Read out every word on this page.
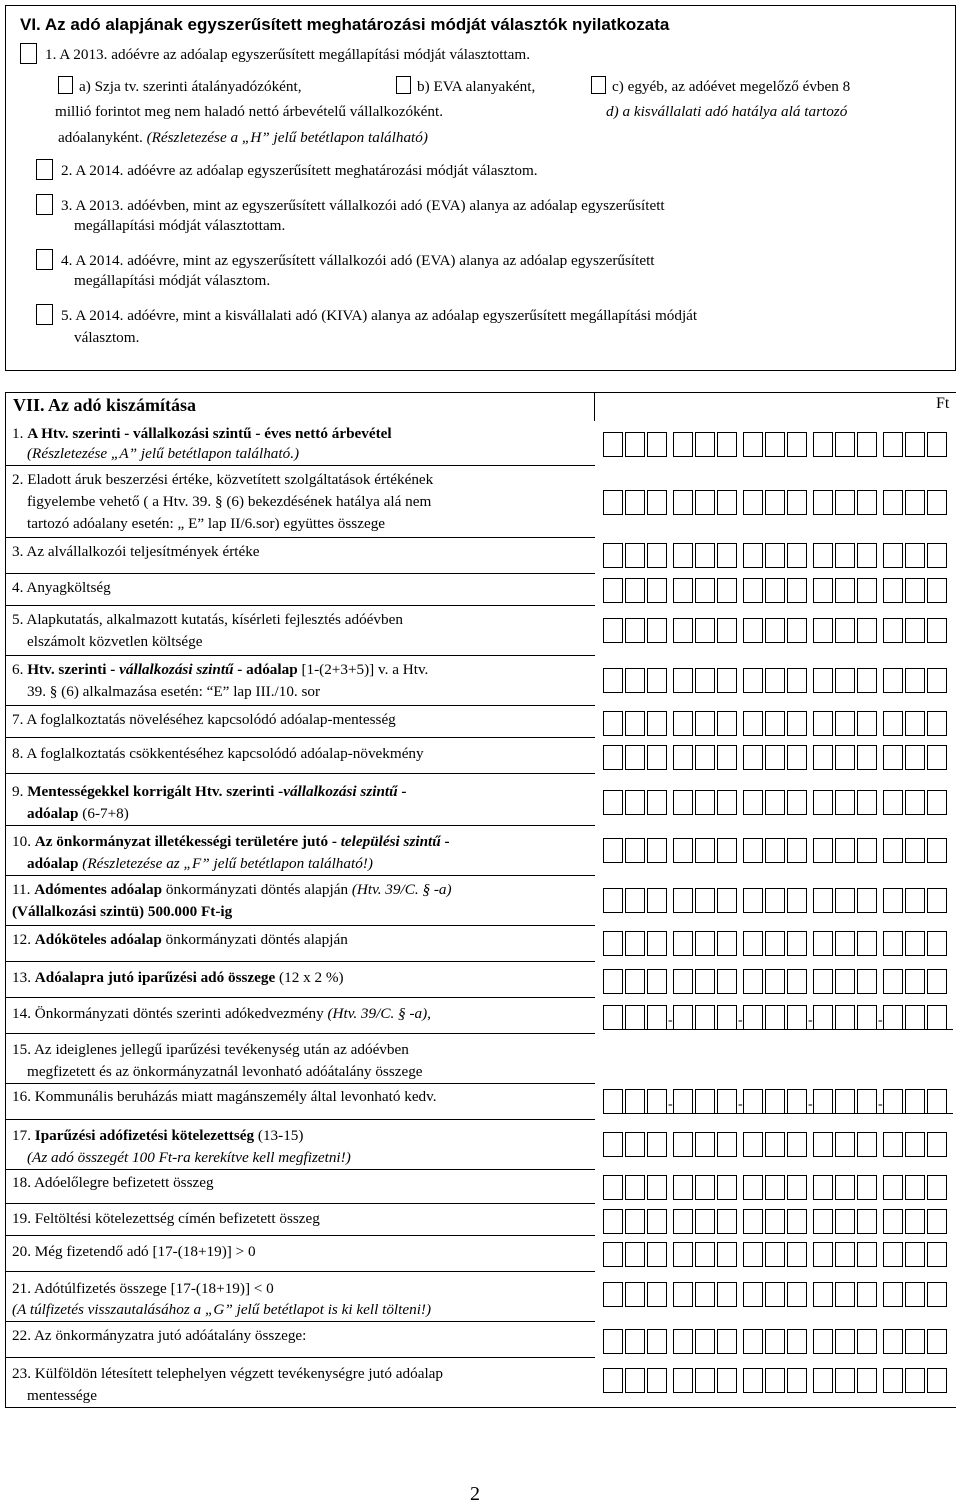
VI. Az adó alapjának egyszerűsített meghatározási módját választók nyilatkozata
1. A 2013. adóévre az adóalap egyszerűsített megállapítási módját választottam.
a) Szja tv. szerinti átalányadózóként,	b) EVA alanyaként,	c) egyéb, az adóévet megelőző évben 8
millió forintot meg nem haladó nettó árbevételű vállalkozóként.	d) a kisvállalati adó hatálya alá tartozó
adóalanyként. (Részletezése a „H” jelű betétlapon található)
2. A 2014. adóévre az adóalap egyszerűsített meghatározási módját választom.
3. A 2013. adóévben, mint az egyszerűsített vállalkozói adó (EVA) alanya az adóalap egyszerűsített
megállapítási módját választottam.
4. A 2014. adóévre, mint az egyszerűsített vállalkozói adó (EVA) alanya az adóalap egyszerűsített
megállapítási módját választom.
5. A 2014. adóévre, mint a kisvállalati adó (KIVA) alanya az adóalap egyszerűsített megállapítási módját
választom.
VII. Az adó kiszámítása	Ft
1. A Htv. szerinti - vállalkozási szintű - éves nettó árbevétel
(Részletezése „A” jelű betétlapon található.)
2. Eladott áruk beszerzési értéke, közvetített szolgáltatások értékének
figyelembe vehető ( a Htv. 39. § (6) bekezdésének hatálya alá nem
tartozó adóalany esetén: „ E” lap II/6.sor) együttes összege
3. Az alvállalkozói teljesítmények értéke
4. Anyagköltség
5. Alapkutatás, alkalmazott kutatás, kísérleti fejlesztés adóévben
elszámolt közvetlen költsége
6. Htv. szerinti - vállalkozási szintű - adóalap [1-(2+3+5)] v. a Htv.
39. § (6) alkalmazása esetén: “E” lap III./10. sor
7. A foglalkoztatás növeléséhez kapcsolódó adóalap-mentesség
8. A foglalkoztatás csökkentéséhez kapcsolódó adóalap-növekmény
9. Mentességekkel korrigált Htv. szerinti -vállalkozási szintű -
adóalap (6-7+8)
10. Az önkormányzat illetékességi területére jutó - települési szintű -
adóalap (Részletezése az „F” jelű betétlapon található!)
11. Adómentes adóalap önkormányzati döntés alapján (Htv. 39/C. § -a)
(Vállalkozási szintü) 500.000 Ft-ig
12. Adóköteles adóalap önkormányzati döntés alapján
13. Adóalapra jutó iparűzési adó összege (12 x 2 %)
14. Önkormányzati döntés szerinti adókedvezmény (Htv. 39/C. § -a),	-	-	-	-
15. Az ideiglenes jellegű iparűzési tevékenység után az adóévben
megfizetett és az önkormányzatnál levonható adóátalány összege
16. Kommunális beruházás miatt magánszemély által levonható kedv.	-	-	-	-
17. Iparűzési adófizetési kötelezettség (13-15)
(Az adó összegét 100 Ft-ra kerekítve kell megfizetni!)
18. Adóelőlegre befizetett összeg
19. Feltöltési kötelezettség címén befizetett összeg
20. Még fizetendő adó [17-(18+19)] > 0
21. Adótúlfizetés összege [17-(18+19)] < 0
(A túlfizetés visszautalásához a „G” jelű betétlapot is ki kell tölteni!)
22. Az önkormányzatra jutó adóátalány összege:
23. Külföldön létesített telephelyen végzett tevékenységre jutó adóalap
mentessége
2
